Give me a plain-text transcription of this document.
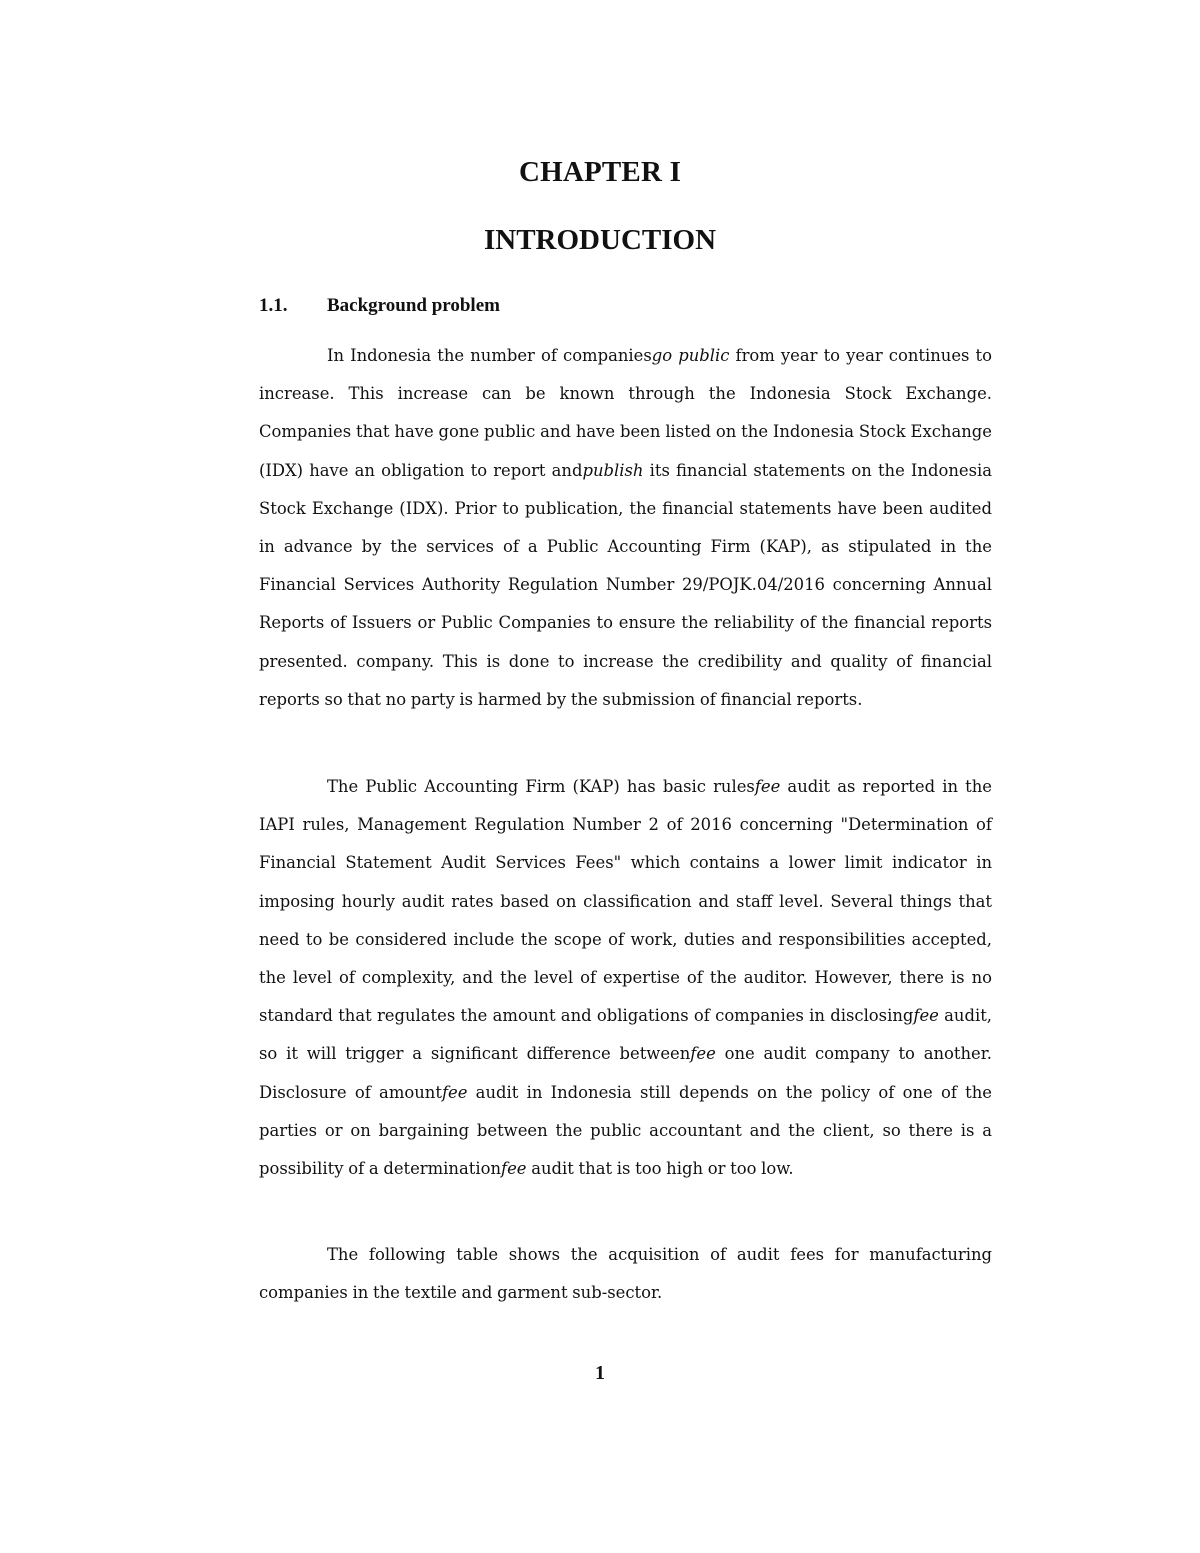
CHAPTER I
INTRODUCTION
1.1. Background problem

In Indonesia the number of companiesgo public from year to year continues to increase. This increase can be known through the Indonesia Stock Exchange. Companies that have gone public and have been listed on the Indonesia Stock Exchange (IDX) have an obligation to report andpublish its financial statements on the Indonesia Stock Exchange (IDX). Prior to publication, the financial statements have been audited in advance by the services of a Public Accounting Firm (KAP), as stipulated in the Financial Services Authority Regulation Number 29/POJK.04/2016 concerning Annual Reports of Issuers or Public Companies to ensure the reliability of the financial reports presented. company. This is done to increase the credibility and quality of financial reports so that no party is harmed by the submission of financial reports.

The Public Accounting Firm (KAP) has basic rulesfee audit as reported in the IAPI rules, Management Regulation Number 2 of 2016 concerning "Determination of Financial Statement Audit Services Fees" which contains a lower limit indicator in imposing hourly audit rates based on classification and staff level. Several things that need to be considered include the scope of work, duties and responsibilities accepted, the level of complexity, and the level of expertise of the auditor. However, there is no standard that regulates the amount and obligations of companies in disclosingfee audit, so it will trigger a significant difference betweenfee one audit company to another. Disclosure of amountfee audit in Indonesia still depends on the policy of one of the parties or on bargaining between the public accountant and the client, so there is a possibility of a determinationfee audit that is too high or too low.

The following table shows the acquisition of audit fees for manufacturing companies in the textile and garment sub-sector.

1
